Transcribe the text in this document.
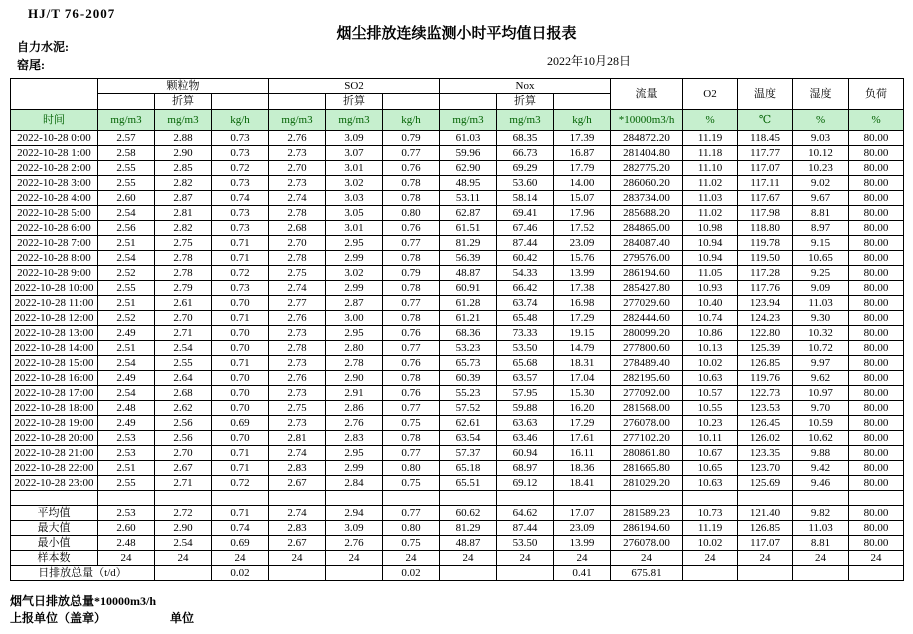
HJ/T 76-2007
烟尘排放连续监测小时平均值日报表
自力水泥:
窑尾:	2022年10月28日
	颗粒物			SO2			Nox			流量	O2	温度	湿度	负荷
		折算			折算			折算						
时间	mg/m3	mg/m3	kg/h	mg/m3	mg/m3	kg/h	mg/m3	mg/m3	kg/h	*10000m3/h	%	℃	%	%
2022-10-28 0:00	2.57	2.88	0.73	2.76	3.09	0.79	61.03	68.35	17.39	284872.20	11.19	118.45	9.03	80.00
2022-10-28 1:00	2.58	2.90	0.73	2.73	3.07	0.77	59.96	66.73	16.87	281404.80	11.18	117.77	10.12	80.00
2022-10-28 2:00	2.55	2.85	0.72	2.70	3.01	0.76	62.90	69.29	17.79	282775.20	11.10	117.07	10.23	80.00
2022-10-28 3:00	2.55	2.82	0.73	2.73	3.02	0.78	48.95	53.60	14.00	286060.20	11.02	117.11	9.02	80.00
2022-10-28 4:00	2.60	2.87	0.74	2.74	3.03	0.78	53.11	58.14	15.07	283734.00	11.03	117.67	9.67	80.00
2022-10-28 5:00	2.54	2.81	0.73	2.78	3.05	0.80	62.87	69.41	17.96	285688.20	11.02	117.98	8.81	80.00
2022-10-28 6:00	2.56	2.82	0.73	2.68	3.01	0.76	61.51	67.46	17.52	284865.00	10.98	118.80	8.97	80.00
2022-10-28 7:00	2.51	2.75	0.71	2.70	2.95	0.77	81.29	87.44	23.09	284087.40	10.94	119.78	9.15	80.00
2022-10-28 8:00	2.54	2.78	0.71	2.78	2.99	0.78	56.39	60.42	15.76	279576.00	10.94	119.50	10.65	80.00
2022-10-28 9:00	2.52	2.78	0.72	2.75	3.02	0.79	48.87	54.33	13.99	286194.60	11.05	117.28	9.25	80.00
2022-10-28 10:00	2.55	2.79	0.73	2.74	2.99	0.78	60.91	66.42	17.38	285427.80	10.93	117.76	9.09	80.00
2022-10-28 11:00	2.51	2.61	0.70	2.77	2.87	0.77	61.28	63.74	16.98	277029.60	10.40	123.94	11.03	80.00
2022-10-28 12:00	2.52	2.70	0.71	2.76	3.00	0.78	61.21	65.48	17.29	282444.60	10.74	124.23	9.30	80.00
2022-10-28 13:00	2.49	2.71	0.70	2.73	2.95	0.76	68.36	73.33	19.15	280099.20	10.86	122.80	10.32	80.00
2022-10-28 14:00	2.51	2.54	0.70	2.78	2.80	0.77	53.23	53.50	14.79	277800.60	10.13	125.39	10.72	80.00
2022-10-28 15:00	2.54	2.55	0.71	2.73	2.78	0.76	65.73	65.68	18.31	278489.40	10.02	126.85	9.97	80.00
2022-10-28 16:00	2.49	2.64	0.70	2.76	2.90	0.78	60.39	63.57	17.04	282195.60	10.63	119.76	9.62	80.00
2022-10-28 17:00	2.54	2.68	0.70	2.73	2.91	0.76	55.23	57.95	15.30	277092.00	10.57	122.73	10.97	80.00
2022-10-28 18:00	2.48	2.62	0.70	2.75	2.86	0.77	57.52	59.88	16.20	281568.00	10.55	123.53	9.70	80.00
2022-10-28 19:00	2.49	2.56	0.69	2.73	2.76	0.75	62.61	63.63	17.29	276078.00	10.23	126.45	10.59	80.00
2022-10-28 20:00	2.53	2.56	0.70	2.81	2.83	0.78	63.54	63.46	17.61	277102.20	10.11	126.02	10.62	80.00
2022-10-28 21:00	2.53	2.70	0.71	2.74	2.95	0.77	57.37	60.94	16.11	280861.80	10.67	123.35	9.88	80.00
2022-10-28 22:00	2.51	2.67	0.71	2.83	2.99	0.80	65.18	68.97	18.36	281665.80	10.65	123.70	9.42	80.00
2022-10-28 23:00	2.55	2.71	0.72	2.67	2.84	0.75	65.51	69.12	18.41	281029.20	10.63	125.69	9.46	80.00

平均值	2.53	2.72	0.71	2.74	2.94	0.77	60.62	64.62	17.07	281589.23	10.73	121.40	9.82	80.00
最大值	2.60	2.90	0.74	2.83	3.09	0.80	81.29	87.44	23.09	286194.60	11.19	126.85	11.03	80.00
最小值	2.48	2.54	0.69	2.67	2.76	0.75	48.87	53.50	13.99	276078.00	10.02	117.07	8.81	80.00
样本数	24	24	24	24	24	24	24	24	24	24	24	24	24	24
日排放总量（t/d）			0.02			0.02			0.41	675.81				
烟气日排放总量*10000m3/h
上报单位（盖章）	单位
